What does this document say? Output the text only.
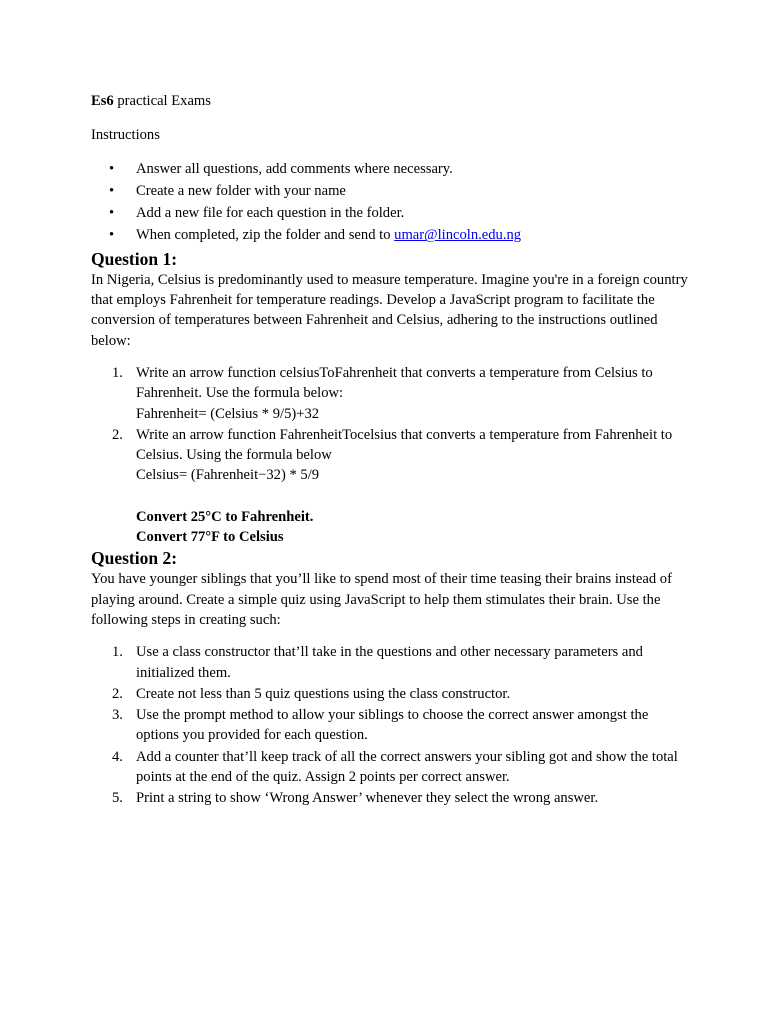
Es6 practical Exams

Instructions

• Answer all questions, add comments where necessary.
• Create a new folder with your name
• Add a new file for each question in the folder.
• When completed, zip the folder and send to umar@lincoln.edu.ng
Question 1:

In Nigeria, Celsius is predominantly used to measure temperature. Imagine you're in a foreign country that employs Fahrenheit for temperature readings. Develop a JavaScript program to facilitate the conversion of temperatures between Fahrenheit and Celsius, adhering to the instructions outlined below:

1. Write an arrow function celsiusToFahrenheit that converts a temperature from Celsius to Fahrenheit. Use the formula below:
Fahrenheit= (Celsius * 9/5)+32
2. Write an arrow function FahrenheitTocelsius that converts a temperature from Fahrenheit to Celsius. Using the formula below
Celsius= (Fahrenheit−32) * 5/9
Convert 25°C to Fahrenheit.
Convert 77°F to Celsius
Question 2:

You have younger siblings that you’ll like to spend most of their time teasing their brains instead of playing around. Create a simple quiz using JavaScript to help them stimulates their brain. Use the following steps in creating such:

1. Use a class constructor that’ll take in the questions and other necessary parameters and initialized them.
2. Create not less than 5 quiz questions using the class constructor.
3. Use the prompt method to allow your siblings to choose the correct answer amongst the options you provided for each question.
4. Add a counter that’ll keep track of all the correct answers your sibling got and show the total points at the end of the quiz. Assign 2 points per correct answer.
5. Print a string to show ‘Wrong Answer’ whenever they select the wrong answer.
